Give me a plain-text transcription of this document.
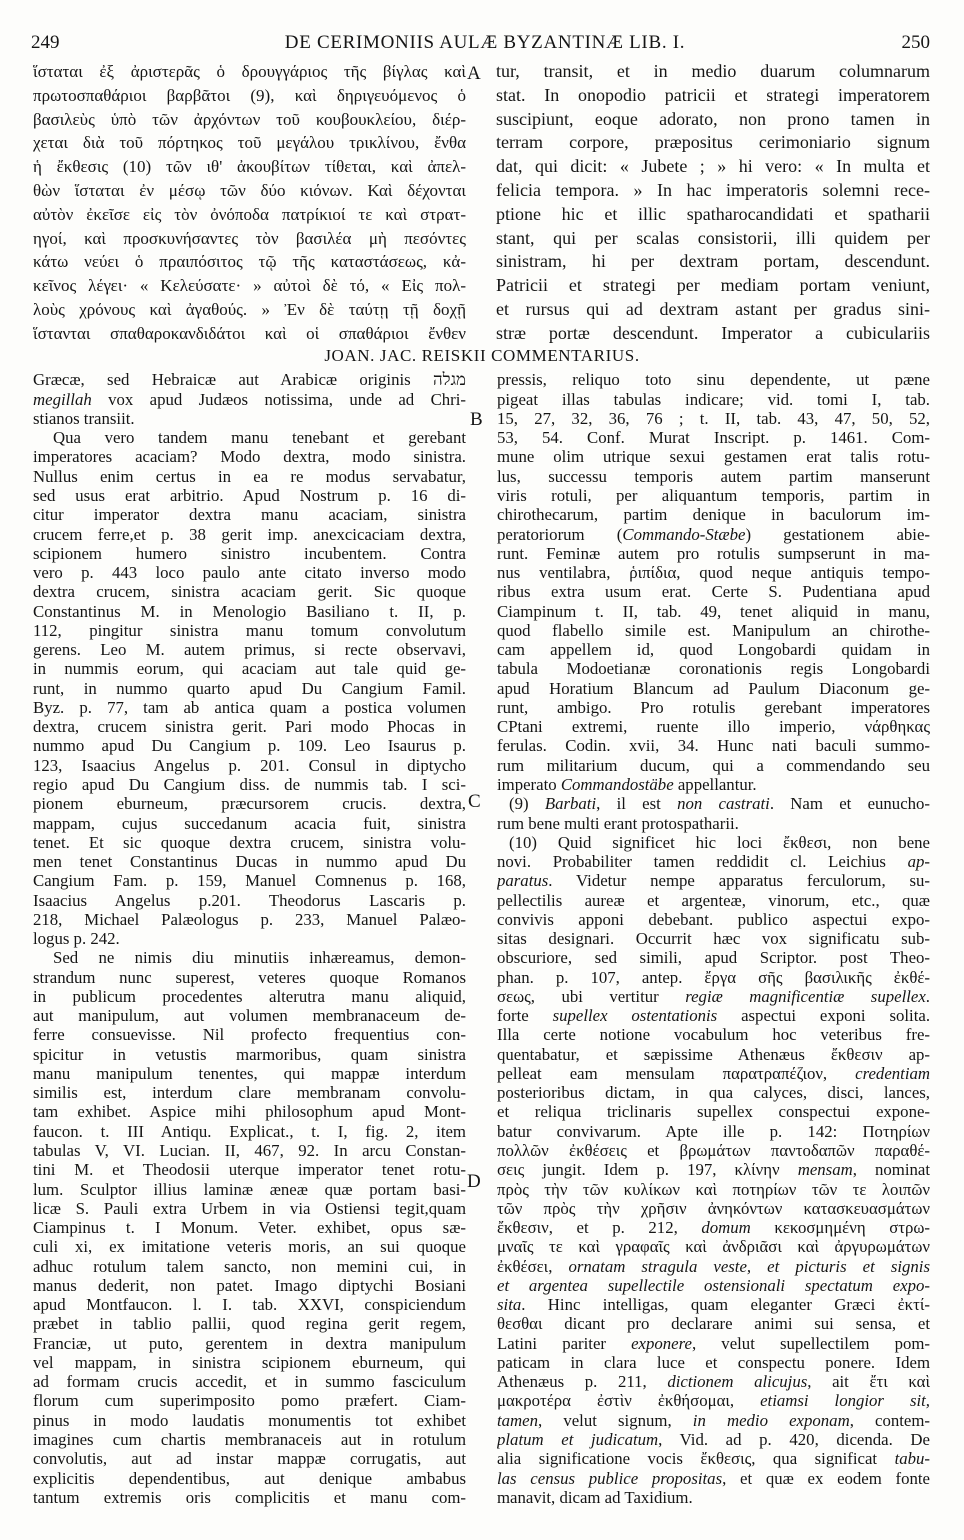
249	DE CERIMONIIS AULÆ BYZANTINÆ LIB. I.	250
ἵσταται ἐξ ἀριστερᾶς ὁ δρουγγάριος τῆς βίγλας καὶ
πρωτοσπαθάριοι βαρβᾶτοι (9), καὶ δηριγευόμενος ὁ
βασιλεὺς ὑπὸ τῶν ἀρχόντων τοῦ κουβουκλείου, διέρ-
χεται διὰ τοῦ πόρτηκος τοῦ μεγάλου τρικλίνου, ἔνθα
ἡ ἔκθεσις (10) τῶν ιθ' ἀκουβίτων τίθεται, καὶ ἀπελ-
θὼν ἵσταται ἐν μέσῳ τῶν δύο κιόνων. Καὶ δέχονται
αὐτὸν ἐκεῖσε εἰς τὸν ὀνόποδα πατρίκιοί τε καὶ στρατ-
ηγοί, καὶ προσκυνήσαντες τὸν βασιλέα μὴ πεσόντες
κάτω νεύει ὁ πραιπόσιτος τῷ τῆς καταστάσεως, κἀ-
κεῖνος λέγει· « Κελεύσατε· » αὐτοὶ δὲ τό, « Εἰς πολ-
λοὺς χρόνους καὶ ἀγαθούς. » Ἐν δὲ ταύτῃ τῇ δοχῇ
ἵστανται σπαθαροκανδιδάτοι καὶ οἱ σπαθάριοι ἔνθεν
tur, transit, et in medio duarum columnarum
stat. In onopodio patricii et strategi imperatorem
suscipiunt, eoque adorato, non prono tamen in
terram corpore, præpositus cerimoniario signum
dat, qui dicit: « Jubete ; » hi vero: « In multa et
felicia tempora. » In hac imperatoris solemni rece-
ptione hic et illic spatharocandidati et spatharii
stant, qui per scalas consistorii, illi quidem per
sinistram, hi per dextram portam, descendunt.
Patricii et strategi per mediam portam veniunt,
et rursus qui ad dextram astant per gradus sini-
stræ portæ descendunt. Imperator a cubiculariis
A
JOAN. JAC. REISKII COMMENTARIUS.
Græcæ, sed Hebraicæ aut Arabicæ originis מגלה
megillah vox apud Judæos notissima, unde ad Chri-
stianos transiit.
Qua vero tandem manu tenebant et gerebant
imperatores acaciam? Modo dextra, modo sinistra.
Nullus enim certus in ea re modus servabatur,
sed usus erat arbitrio. Apud Nostrum p. 16 di-
citur imperator dextra manu acaciam, sinistra
crucem ferre,et p. 38 gerit imp. anexcicaciam dextra,
scipionem humero sinistro incubentem. Contra
vero p. 443 loco paulo ante citato inverso modo
dextra crucem, sinistra acaciam gerit. Sic quoque
Constantinus M. in Menologio Basiliano t. II, p.
112, pingitur sinistra manu tomum convolutum
gerens. Leo M. autem primus, si recte observavi,
in nummis eorum, qui acaciam aut tale quid ge-
runt, in nummo quarto apud Du Cangium Famil.
Byz. p. 77, tam ab antica quam a postica volumen
dextra, crucem sinistra gerit. Pari modo Phocas in
nummo apud Du Cangium p. 109. Leo Isaurus p.
123, Isaacius Angelus p. 201. Consul in diptycho
regio apud Du Cangium diss. de nummis tab. I sci-
pionem eburneum, præcursorem crucis. dextra,
mappam, cujus succedanum acacia fuit, sinistra
tenet. Et sic quoque dextra crucem, sinistra volu-
men tenet Constantinus Ducas in nummo apud Du
Cangium Fam. p. 159, Manuel Comnenus p. 168,
Isaacius Angelus p.201. Theodorus Lascaris p.
218, Michael Palæologus p. 233, Manuel Palæo-
logus p. 242.
Sed ne nimis diu minutiis inhæreamus, demon-
strandum nunc superest, veteres quoque Romanos
in publicum procedentes alterutra manu aliquid,
aut manipulum, aut volumen membranaceum de-
ferre consuevisse. Nil profecto frequentius con-
spicitur in vetustis marmoribus, quam sinistra
manu manipulum tenentes, qui mappæ interdum
similis est, interdum clare membranam convolu-
tam exhibet. Aspice mihi philosophum apud Mont-
faucon. t. III Antiqu. Explicat., t. I, fig. 2, item
tabulas V, VI. Lucian. II, 467, 92. In arcu Constan-
tini M. et Theodosii uterque imperator tenet rotu-
lum. Sculptor illius laminæ æneæ quæ portam basi-
licæ S. Pauli extra Urbem in via Ostiensi tegit,quam
Ciampinus t. I Monum. Veter. exhibet, opus sæ-
culi xi, ex imitatione veteris moris, an sui quoque
adhuc rotulum talem sancto, non memini cui, in
manus dederit, non patet. Imago diptychi Bosiani
apud Montfaucon. l. I. tab. XXVI, conspiciendum
præbet in tablio pallii, quod regina gerit regem,
Franciæ, ut puto, gerentem in dextra manipulum
vel mappam, in sinistra scipionem eburneum, qui
ad formam crucis accedit, et in summo fasciculum
florum cum superimposito pomo præfert. Ciam-
pinus in modo laudatis monumentis tot exhibet
imagines cum chartis membranaceis aut in rotulum
convolutis, aut ad instar mappæ corrugatis, aut
explicitis dependentibus, aut denique ambabus
tantum extremis oris complicitis et manu com-
pressis, reliquo toto sinu dependente, ut pæne
pigeat illas tabulas indicare; vid. tomi I, tab.
15, 27, 32, 36, 76 ; t. II, tab. 43, 47, 50, 52,
53, 54. Conf. Murat Inscript. p. 1461. Com-
mune olim utrique sexui gestamen erat talis rotu-
lus, successu temporis autem partim manserunt
viris rotuli, per aliquantum temporis, partim in
chirothecarum, partim denique in baculorum im-
peratoriorum (Commando-Stæbe) gestationem abie-
runt. Feminæ autem pro rotulis sumpserunt in ma-
nus ventilabra, ῥιπίδια, quod neque antiquis tempo-
ribus extra usum erat. Certe S. Pudentiana apud
Ciampinum t. II, tab. 49, tenet aliquid in manu,
quod flabello simile est. Manipulum an chirothe-
cam appellem id, quod Longobardi quidam in
tabula Modoetianæ coronationis regis Longobardi
apud Horatium Blancum ad Paulum Diaconum ge-
runt, ambigo. Pro rotulis gerebant imperatores
CPtani extremi, ruente illo imperio, νάρθηκας
ferulas. Codin. xvii, 34. Hunc nati baculi summo-
rum militarium ducum, qui a commendando seu
imperato Commandostäbe appellantur.
(9) Barbati, il est non castrati. Nam et eunucho-
rum bene multi erant protospatharii.
(10) Quid significet hic loci ἔκθεσι, non bene
novi. Probabiliter tamen reddidit cl. Leichius ap-
paratus. Videtur nempe apparatus ferculorum, su-
pellectilis aureæ et argenteæ, vinorum, etc., quæ
convivis apponi debebant. publico aspectui expo-
sitas designari. Occurrit hæc vox significatu sub-
obscuriore, sed simili, apud Scriptor. post Theo-
phan. p. 107, antep. ἔργα σῆς βασιλικῆς ἐκθέ-
σεως, ubi vertitur regiæ magnificentiæ supellex.
forte supellex ostentationis aspectui exponi solita.
Illa certe notione vocabulum hoc veteribus fre-
quentabatur, et sæpissime Athenæus ἔκθεσιν ap-
pelleat eam mensulam παρατραπέζιον, credentiam
posterioribus dictam, in qua calyces, disci, lances,
et reliqua triclinaris supellex conspectui expone-
batur convivarum. Apte ille p. 142: Ποτηρίων
πολλῶν ἐκθέσεις et βρωμάτων παντοδαπῶν παραθέ-
σεις jungit. Idem p. 197, κλίνην mensam, nominat
πρὸς τὴν τῶν κυλίκων καὶ ποτηρίων τῶν τε λοιπῶν
τῶν πρὸς τὴν χρῆσιν ἀνηκόντων κατασκευασμάτων
ἔκθεσιν, et p. 212, domum κεκοσμημένη στρω-
μναῖς τε καὶ γραφαῖς καὶ ἀνδριᾶσι καὶ ἀργυρωμάτων
ἐκθέσει, ornatam stragula veste, et picturis et signis
et argentea supellectile ostensionali spectatum expo-
sita. Hinc intelligas, quam eleganter Græci ἐκτί-
θεσθαι dicant pro declarare animi sui sensa, et
Latini pariter exponere, velut supellectilem pom-
paticam in clara luce et conspectu ponere. Idem
Athenæus p. 211, dictionem alicujus, ait ἔτι καὶ
μακροτέρα ἐστὶν ἐκθήσομαι, etiamsi longior sit,
tamen, velut signum, in medio exponam, contem-
platum et judicatum, Vid. ad p. 420, dicenda. De
alia significatione vocis ἔκθεσις, qua significat tabu-
las census publice propositas, et quæ ex eodem fonte
manavit, dicam ad Taxidium.
B
C
D
